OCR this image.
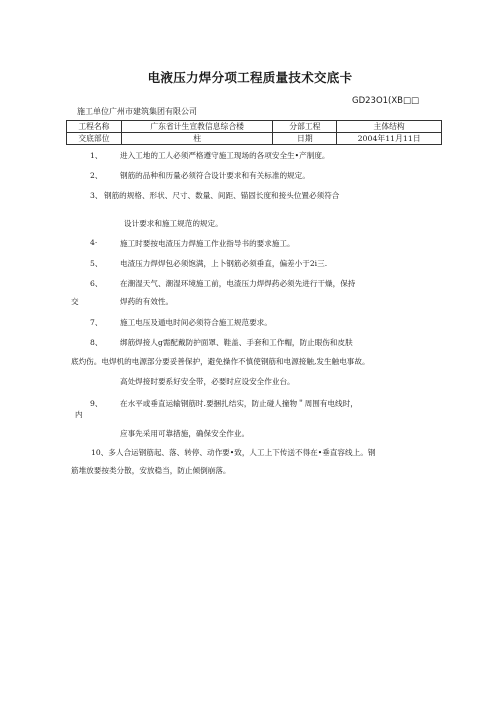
电液压力焊分项工程质量技术交底卡
GD23O1(XB□□
施工单位广州市建筑集团有限公司
工程名称	广东省计生宣教信息综合楼	分部工程	主体结构
交底部位	柱	日期	2004年11月11日
1、 进入工地的工人必须严格遵守施工现场的各项安全生•产制度。
2、 钢筋的品种和历量必须符合设计要求和有关标准的规定。
3、 钢筋的规格、形状、尺寸、数量、间距、锚固长度和接头位置必须符合
设计要求和施工规范的规定。
4·	施工时要按电渣压力焊施工作业指导书的要求施工。
5、 电渣压力焊焊包必须饱满，上卜钢筋必须垂直，偏差小于2i三.
6、 在潮湿天气、潮湿环境施工前，电渣压力焊焊药必须先进行干燥，保持
交	焊药的有效性。
7、 施工电压及遁电时间必须符合施工规范要求。
8、 绑筋焊接人g需配戴防护面罩、鞋盖、手套和工作帽，防止眼伤和皮肤
底灼伤。电焊机的电源部分要妥善保护，避免操作不慎使钢筋和电源接触,发生触电事故。
高处焊接时要系好安全带，必要时应设安全作业台。
9、 在水平或垂直运输钢筋时.要捆扎结实，防止碰人撞物＂周围有电线时，
内
应事先采用可靠措施，确保安全作业。
10、多人合运钢筋起、落、转停、动作要•致，人工上下传送不得在•垂直容线上。钢
筋堆放要按类分散，安放稳当，防止倾倒崩落。
